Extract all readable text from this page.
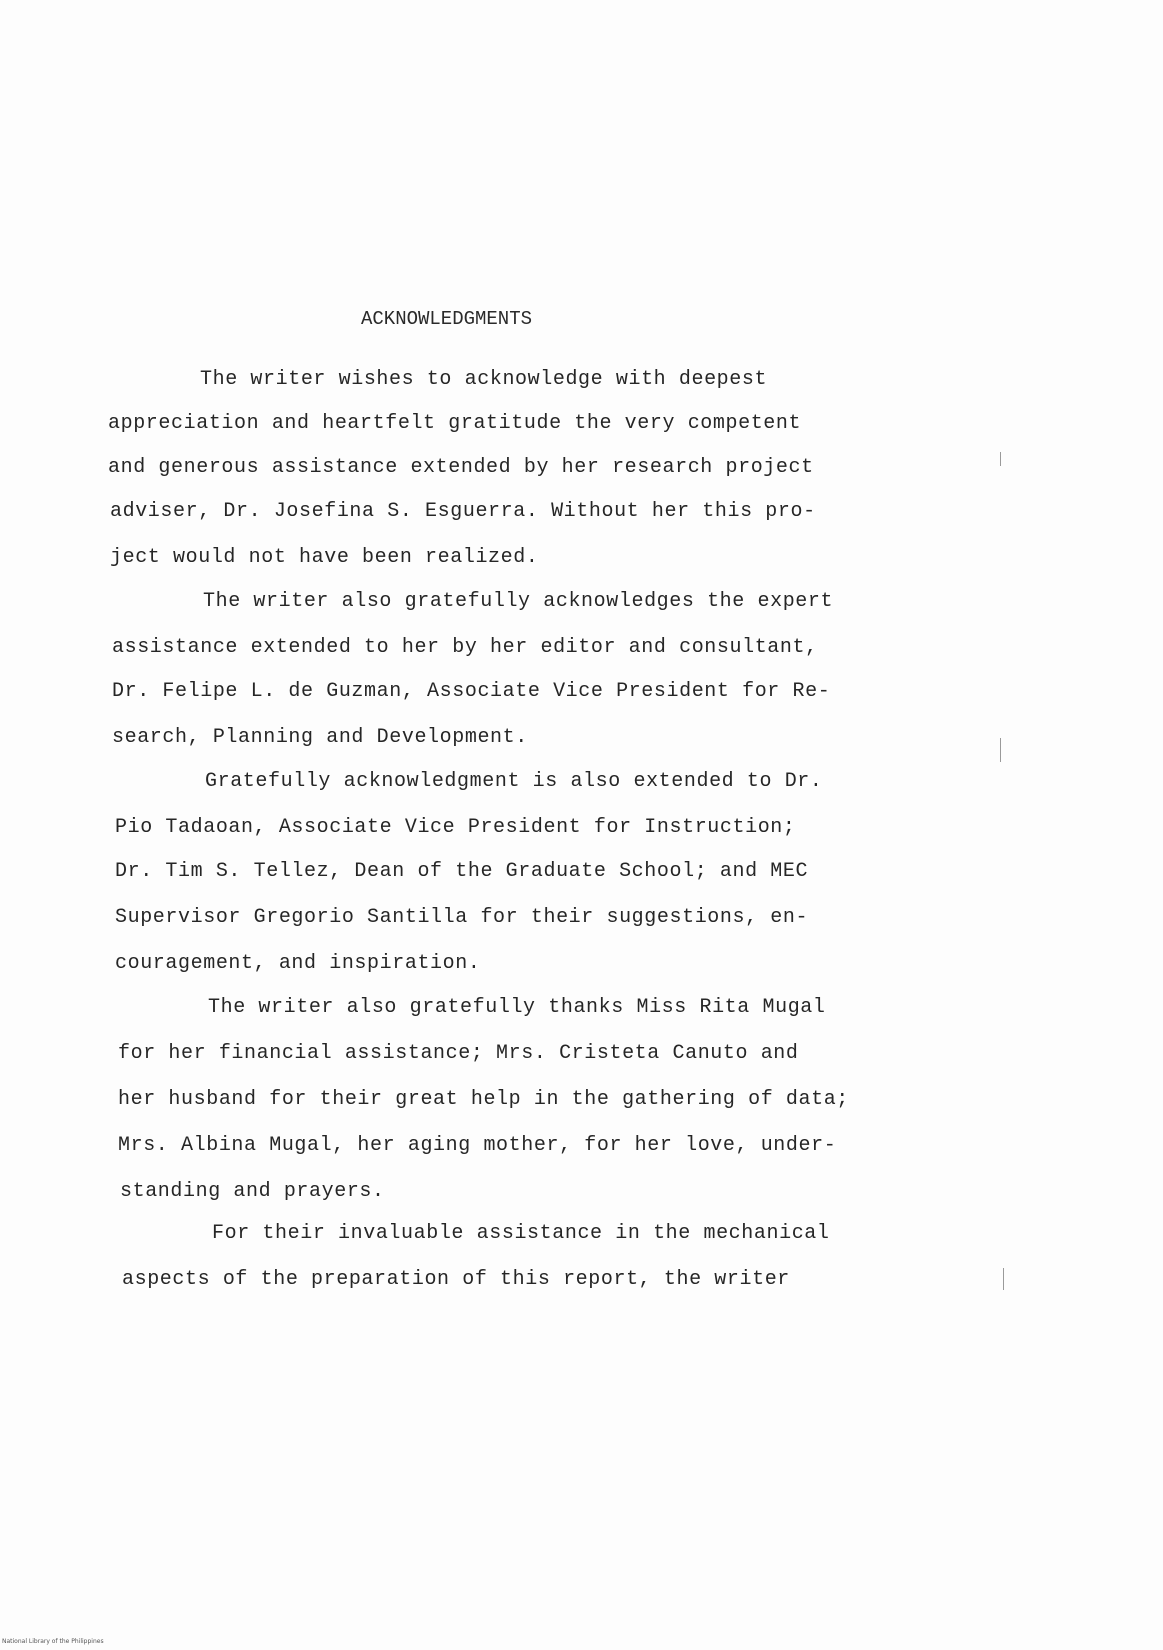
ACKNOWLEDGMENTS
The writer wishes to acknowledge with deepest
appreciation and heartfelt gratitude the very competent
and generous assistance extended by her research project
adviser, Dr. Josefina S. Esguerra. Without her this pro-
ject would not have been realized.
The writer also gratefully acknowledges the expert
assistance extended to her by her editor and consultant,
Dr. Felipe L. de Guzman, Associate Vice President for Re-
search, Planning and Development.
Gratefully acknowledgment is also extended to Dr.
Pio Tadaoan, Associate Vice President for Instruction;
Dr. Tim S. Tellez, Dean of the Graduate School; and MEC
Supervisor Gregorio Santilla for their suggestions, en-
couragement, and inspiration.
The writer also gratefully thanks Miss Rita Mugal
for her financial assistance; Mrs. Cristeta Canuto and
her husband for their great help in the gathering of data;
Mrs. Albina Mugal, her aging mother, for her love, under-
standing and prayers.
For their invaluable assistance in the mechanical
aspects of the preparation of this report, the writer
National Library of the Philippines
